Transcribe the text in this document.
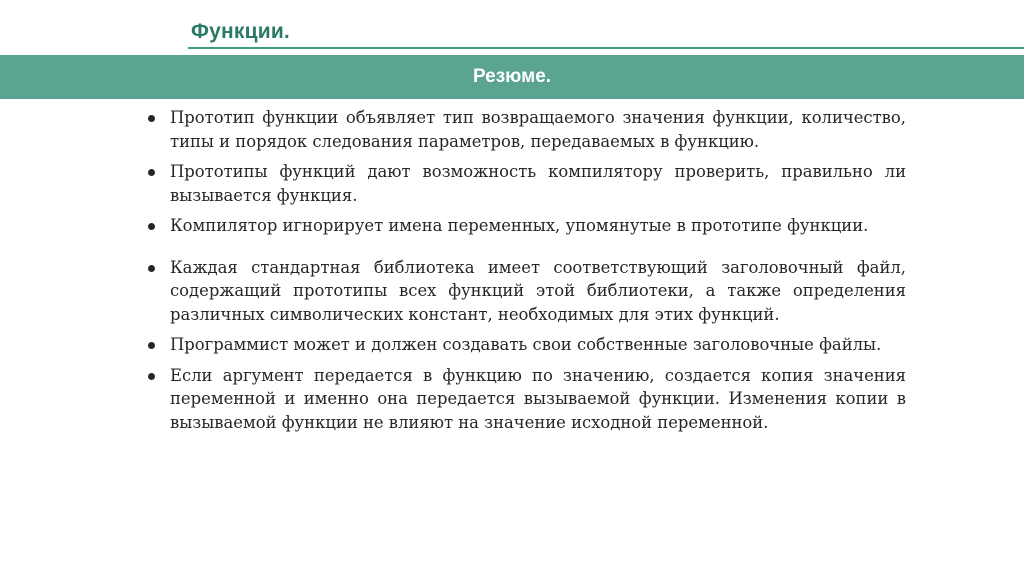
Функции.
Резюме.
Прототип функции объявляет тип возвращаемого значения функции, количество, типы и порядок следования параметров, передаваемых в функцию.
Прототипы функций дают возможность компилятору проверить, правильно ли вызывается функция.
Компилятор игнорирует имена переменных, упомянутые в прототипе функции.
Каждая стандартная библиотека имеет соответствующий заголовочный файл, содержащий прототипы всех функций этой библиотеки, а также определения различных символических констант, необходимых для этих функций.
Программист может и должен создавать свои собственные заголовочные файлы.
Если аргумент передается в функцию по значению, создается копия значения переменной и именно она передается вызываемой функции. Изменения копии в вызываемой функции не влияют на значение исходной переменной.
